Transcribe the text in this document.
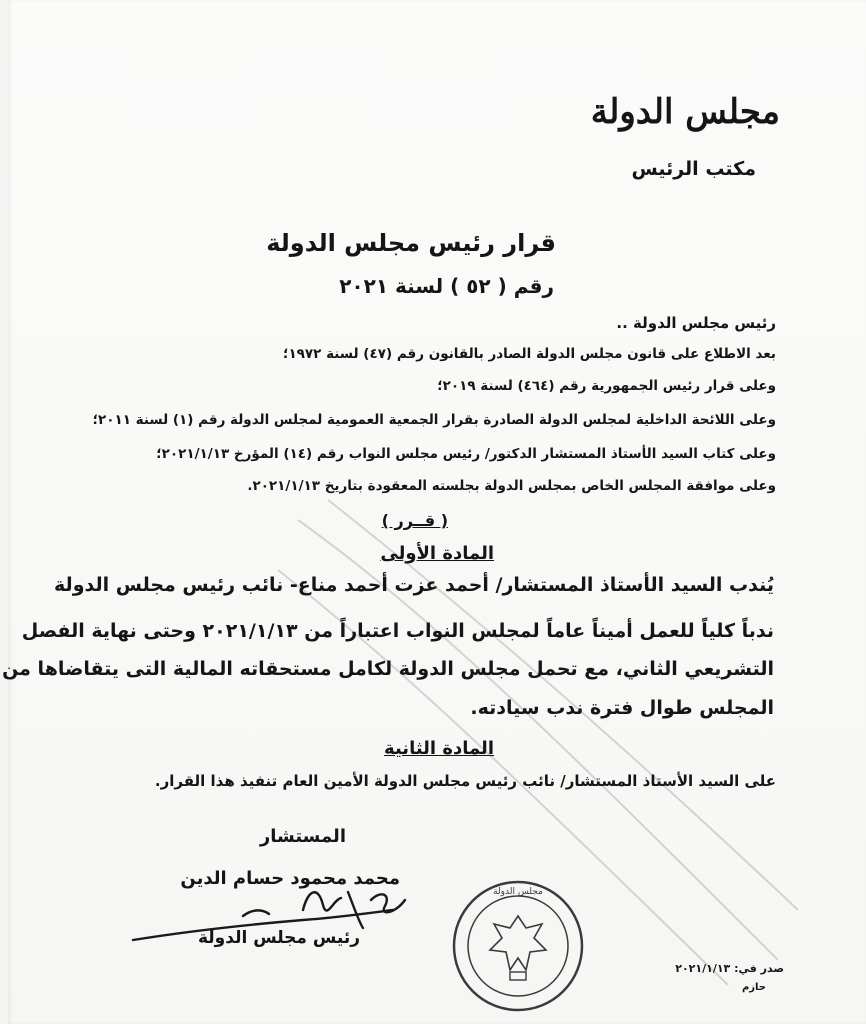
مجلس الدولة
مكتب الرئيس
قرار رئيس مجلس الدولة
رقم ( ٥٢ ) لسنة ٢٠٢١
رئيس مجلس الدولة ..
بعد الاطلاع على قانون مجلس الدولة الصادر بالقانون رقم (٤٧) لسنة ١٩٧٢؛
وعلى قرار رئيس الجمهورية رقم (٤٦٤) لسنة ٢٠١٩؛
وعلى اللائحة الداخلية لمجلس الدولة الصادرة بقرار الجمعية العمومية لمجلس الدولة رقم (١) لسنة ٢٠١١؛
وعلى كتاب السيد الأستاذ المستشار الدكتور/ رئيس مجلس النواب رقم (١٤) المؤرخ ٢٠٢١/١/١٣؛
وعلى موافقة المجلس الخاص بمجلس الدولة بجلسته المعقودة بتاريخ ٢٠٢١/١/١٣.
( قــرر )
المادة الأولى
يُندب السيد الأستاذ المستشار/ أحمد عزت أحمد مناع- نائب رئيس مجلس الدولة
ندباً كلياً للعمل أميناً عاماً لمجلس النواب اعتباراً من ٢٠٢١/١/١٣ وحتى نهاية الفصل
التشريعي الثاني، مع تحمل مجلس الدولة لكامل مستحقاته المالية التى يتقاضاها من
المجلس طوال فترة ندب سيادته.
المادة الثانية
على السيد الأستاذ المستشار/ نائب رئيس مجلس الدولة الأمين العام تنفيذ هذا القرار.
المستشار
محمد محمود حسام الدين
رئيس مجلس الدولة
مجلس الدولة
صدر في: ٢٠٢١/١/١٣
حازم
